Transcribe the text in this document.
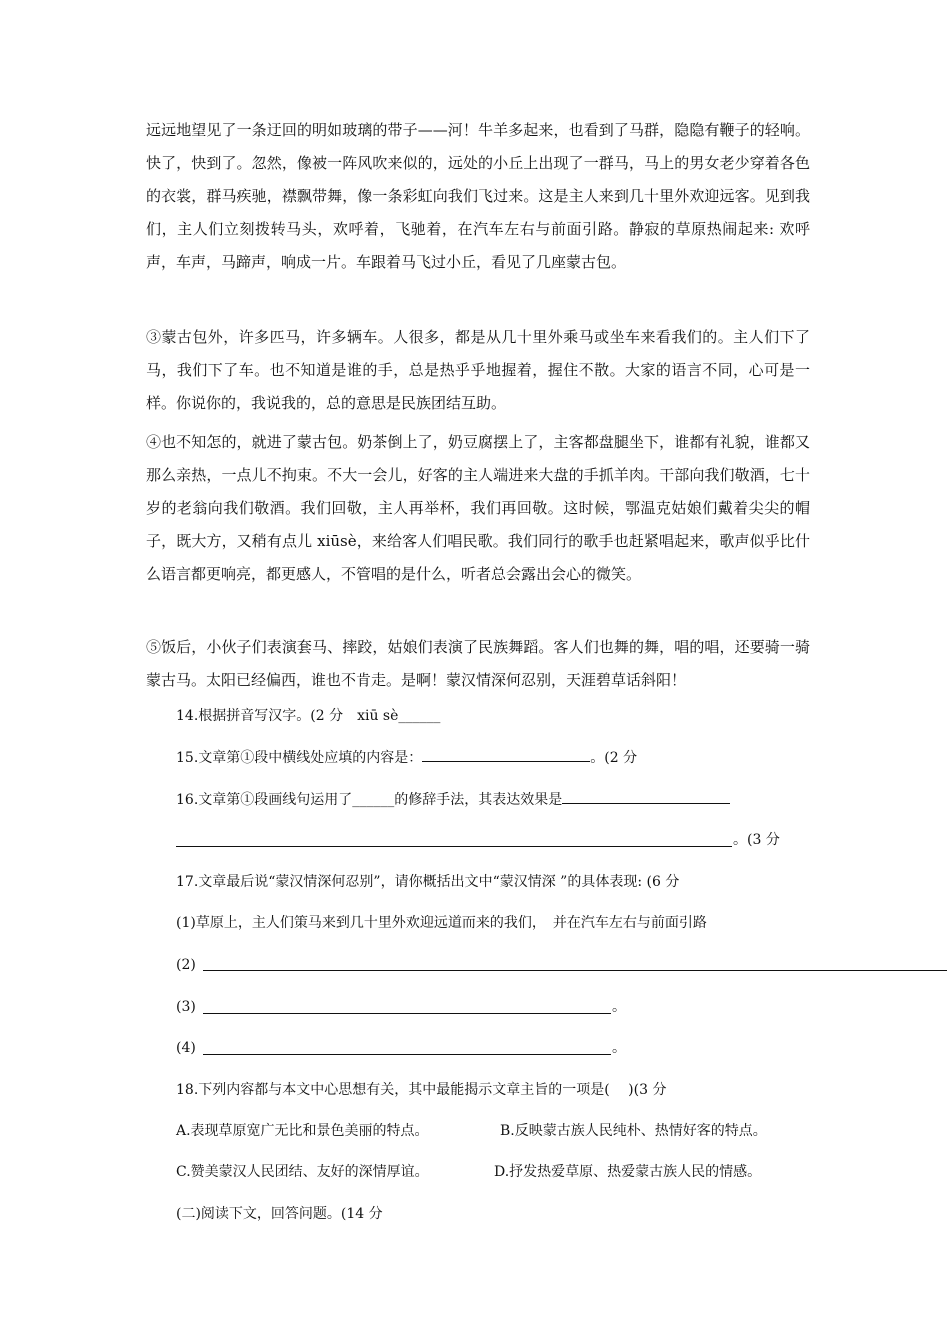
远远地望见了一条迂回的明如玻璃的带子——河！牛羊多起来，也看到了马群，隐隐有鞭子的轻响。快了，快到了。忽然，像被一阵风吹来似的，远处的小丘上出现了一群马，马上的男女老少穿着各色的衣裳，群马疾驰，襟飘带舞，像一条彩虹向我们飞过来。这是主人来到几十里外欢迎远客。见到我们，主人们立刻拨转马头，欢呼着，飞驰着，在汽车左右与前面引路。静寂的草原热闹起来: 欢呼声，车声，马蹄声，响成一片。车跟着马飞过小丘，看见了几座蒙古包。

③蒙古包外，许多匹马，许多辆车。人很多，都是从几十里外乘马或坐车来看我们的。主人们下了马，我们下了车。也不知道是谁的手，总是热乎乎地握着，握住不散。大家的语言不同，心可是一样。你说你的，我说我的，总的意思是民族团结互助。

④也不知怎的，就进了蒙古包。奶茶倒上了，奶豆腐摆上了，主客都盘腿坐下，谁都有礼貌，谁都又那么亲热，一点儿不拘束。不大一会儿，好客的主人端进来大盘的手抓羊肉。干部向我们敬酒，七十岁的老翁向我们敬酒。我们回敬，主人再举杯，我们再回敬。这时候，鄂温克姑娘们戴着尖尖的帽子，既大方，又稍有点儿 xiūsè，来给客人们唱民歌。我们同行的歌手也赶紧唱起来，歌声似乎比什么语言都更响亮，都更感人，不管唱的是什么，听者总会露出会心的微笑。

⑤饭后，小伙子们表演套马、摔跤，姑娘们表演了民族舞蹈。客人们也舞的舞，唱的唱，还要骑一骑蒙古马。太阳已经偏西，谁也不肯走。是啊！蒙汉情深何忍别，天涯碧草话斜阳！

14.根据拼音写汉字。(2 分　xiū sè______
15.文章第①段中横线处应填的内容是：	。(2 分
16.文章第①段画线句运用了______的修辞手法，其表达效果是
。(3 分
17.文章最后说“蒙汉情深何忍别”，请你概括出文中“蒙汉情深 ”的具体表现: (6 分
(1)草原上，主人们策马来到几十里外欢迎远道而来的我们，　并在汽车左右与前面引路
(2)
(3)	。
(4)	。
18.下列内容都与本文中心思想有关，其中最能揭示文章主旨的一项是(　 )(3 分
A.表现草原宽广无比和景色美丽的特点。	B.反映蒙古族人民纯朴、热情好客的特点。
C.赞美蒙汉人民团结、友好的深情厚谊。	D.抒发热爱草原、热爱蒙古族人民的情感。
(二)阅读下文，回答问题。(14 分
